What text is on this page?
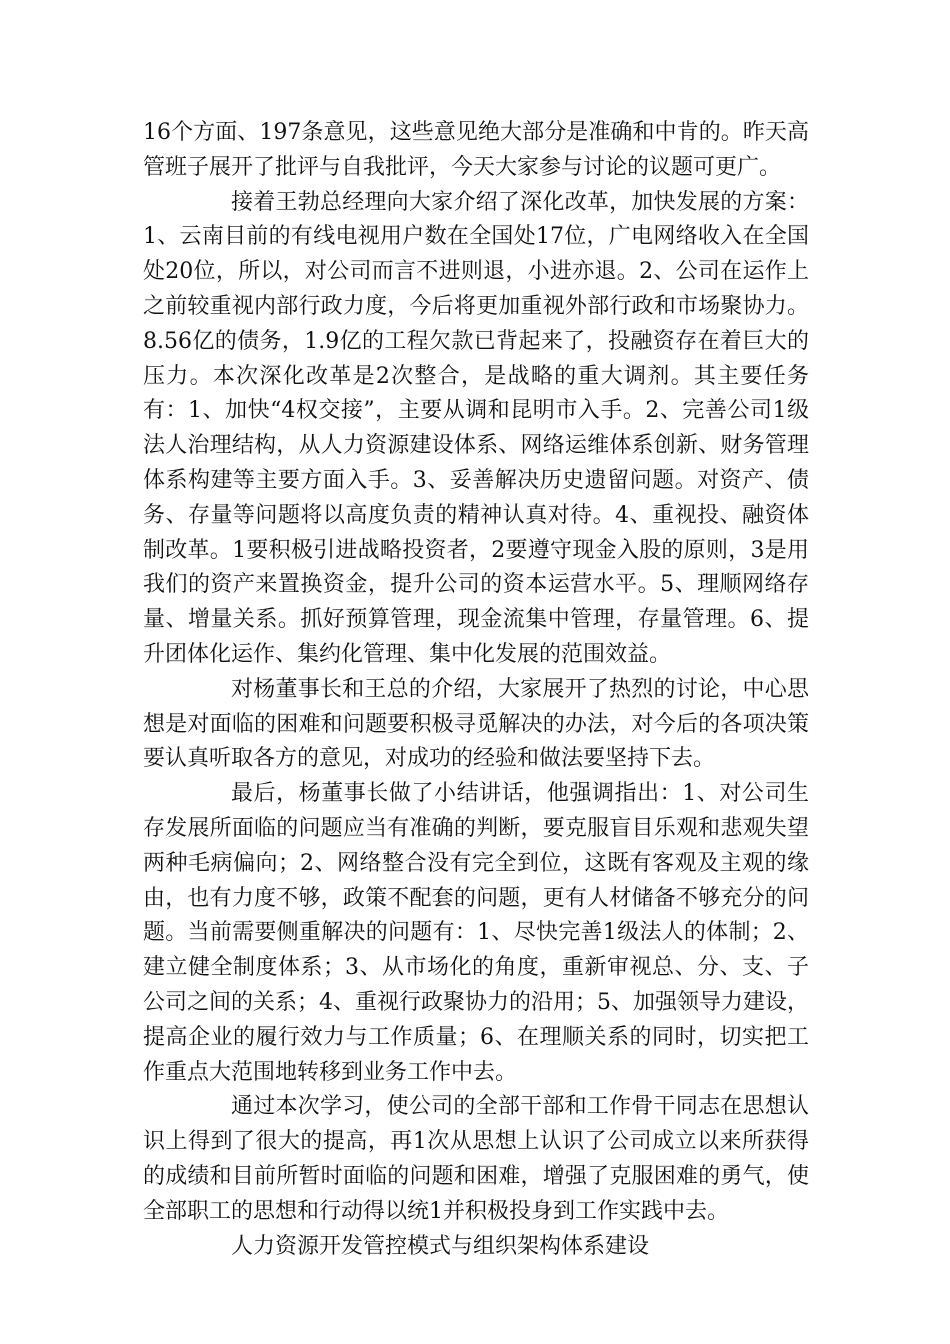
16个方面、197条意见，这些意见绝大部分是准确和中肯的。昨天高管班子展开了批评与自我批评，今天大家参与讨论的议题可更广。

接着王勃总经理向大家介绍了深化改革，加快发展的方案：1、云南目前的有线电视用户数在全国处17位，广电网络收入在全国处20位，所以，对公司而言不进则退，小进亦退。2、公司在运作上之前较重视内部行政力度，今后将更加重视外部行政和市场聚协力。8.56亿的债务，1.9亿的工程欠款已背起来了，投融资存在着巨大的压力。本次深化改革是2次整合，是战略的重大调剂。其主要任务有：1、加快“4权交接”，主要从调和昆明市入手。2、完善公司1级法人治理结构，从人力资源建设体系、网络运维体系创新、财务管理体系构建等主要方面入手。3、妥善解决历史遗留问题。对资产、债务、存量等问题将以高度负责的精神认真对待。4、重视投、融资体制改革。1要积极引进战略投资者，2要遵守现金入股的原则，3是用我们的资产来置换资金，提升公司的资本运营水平。5、理顺网络存量、增量关系。抓好预算管理，现金流集中管理，存量管理。6、提升团体化运作、集约化管理、集中化发展的范围效益。

对杨董事长和王总的介绍，大家展开了热烈的讨论，中心思想是对面临的困难和问题要积极寻觅解决的办法，对今后的各项决策要认真听取各方的意见，对成功的经验和做法要坚持下去。

最后，杨董事长做了小结讲话，他强调指出：1、对公司生存发展所面临的问题应当有准确的判断，要克服盲目乐观和悲观失望两种毛病偏向；2、网络整合没有完全到位，这既有客观及主观的缘由，也有力度不够，政策不配套的问题，更有人材储备不够充分的问题。当前需要侧重解决的问题有：1、尽快完善1级法人的体制；2、建立健全制度体系；3、从市场化的角度，重新审视总、分、支、子公司之间的关系；4、重视行政聚协力的沿用；5、加强领导力建设，提高企业的履行效力与工作质量；6、在理顺关系的同时，切实把工作重点大范围地转移到业务工作中去。

通过本次学习，使公司的全部干部和工作骨干同志在思想认识上得到了很大的提高，再1次从思想上认识了公司成立以来所获得的成绩和目前所暂时面临的问题和困难，增强了克服困难的勇气，使全部职工的思想和行动得以统1并积极投身到工作实践中去。

人力资源开发管控模式与组织架构体系建设
